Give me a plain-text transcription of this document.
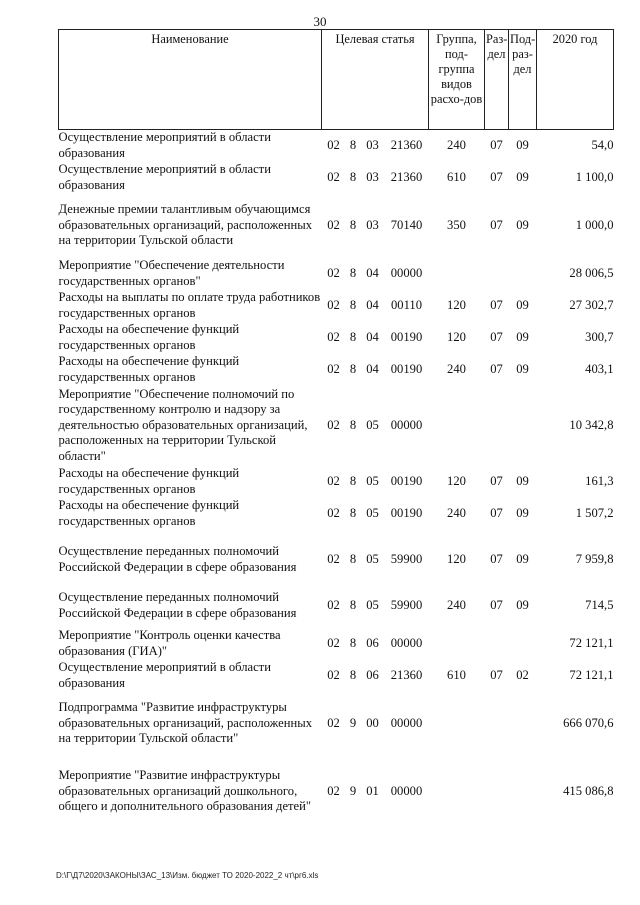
30
Наименование	Целевая статья				Группа, под-группа видов расхо-дов	Раз-дел	Под-раз-дел	2020 год
Осуществление мероприятий в области образования	02	8	03	21360	240	07	09	54,0
Осуществление мероприятий в области образования	02	8	03	21360	610	07	09	1 100,0
Денежные премии талантливым обучающимся образовательных организаций, расположенных на территории Тульской области	02	8	03	70140	350	07	09	1 000,0
Мероприятие "Обеспечение деятельности государственных органов"	02	8	04	00000				28 006,5
Расходы на выплаты по оплате труда работников государственных органов	02	8	04	00110	120	07	09	27 302,7
Расходы на обеспечение функций государственных органов	02	8	04	00190	120	07	09	300,7
Расходы на обеспечение функций государственных органов	02	8	04	00190	240	07	09	403,1
Мероприятие "Обеспечение полномочий по государственному контролю и надзору за деятельностью образовательных организаций, расположенных на территории Тульской области"	02	8	05	00000				10 342,8
Расходы на обеспечение функций государственных органов	02	8	05	00190	120	07	09	161,3
Расходы на обеспечение функций государственных органов	02	8	05	00190	240	07	09	1 507,2

Осуществление переданных полномочий Российской Федерации в сфере образования	02	8	05	59900	120	07	09	7 959,8

Осуществление переданных полномочий Российской Федерации в сфере образования	02	8	05	59900	240	07	09	714,5

Мероприятие "Контроль оценки качества образования (ГИА)"	02	8	06	00000				72 121,1
Осуществление мероприятий в области образования	02	8	06	21360	610	07	02	72 121,1
Подпрограмма "Развитие инфраструктуры образовательных организаций, расположенных на территории Тульской области"	02	9	00	00000				666 070,6

Мероприятие "Развитие инфраструктуры образовательных организаций дошкольного, общего и дополнительного образования детей"	02	9	01	00000				415 086,8
D:\Г\Д7\2020\ЗАКОНЫ\ЗАС_13\Изм. бюджет ТО 2020-2022_2 чт\рг6.xls
